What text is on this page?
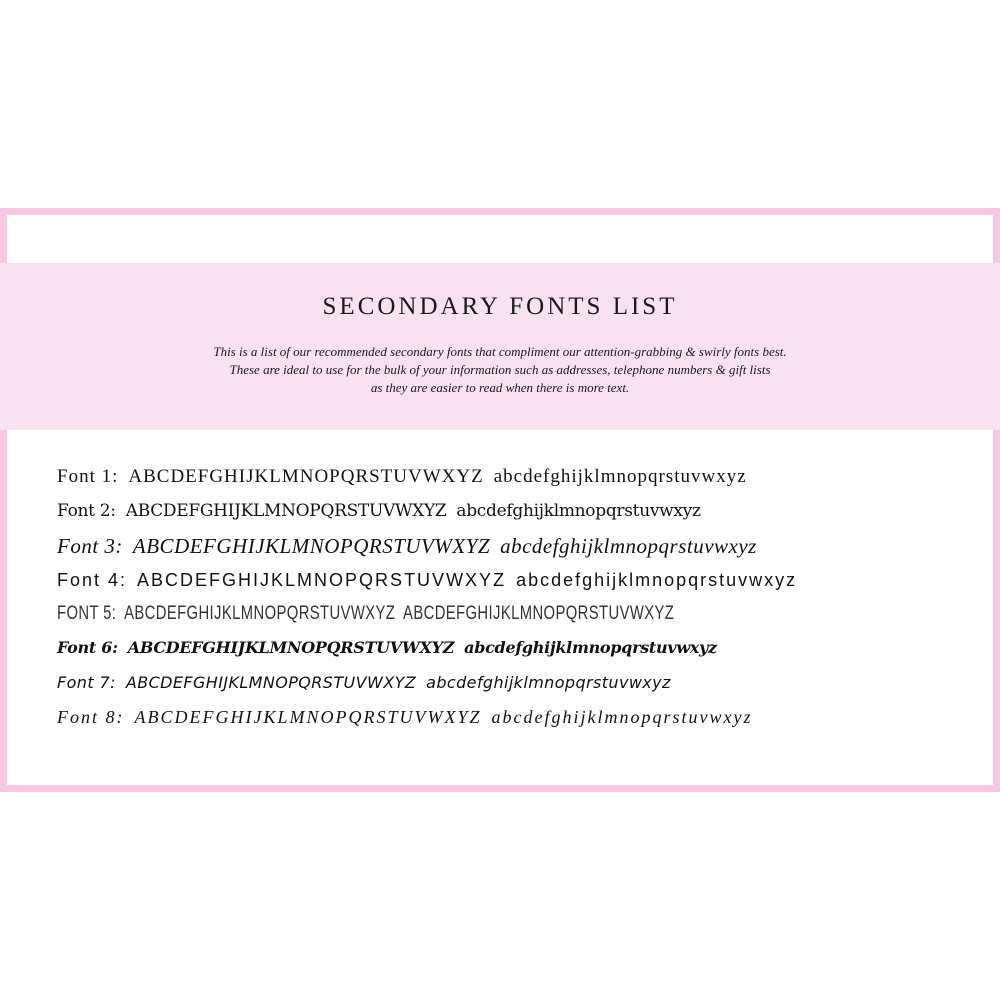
SECONDARY FONTS LIST
This is a list of our recommended secondary fonts that compliment our attention-grabbing & swirly fonts best.
These are ideal to use for the bulk of your information such as addresses, telephone numbers & gift lists
as they are easier to read when there is more text.
Font 1: ABCDEFGHIJKLMNOPQRSTUVWXYZ abcdefghijklmnopqrstuvwxyz
Font 2: ABCDEFGHIJKLMNOPQRSTUVWXYZ abcdefghijklmnopqrstuvwxyz
Font 3: ABCDEFGHIJKLMNOPQRSTUVWXYZ abcdefghijklmnopqrstuvwxyz
Font 4: ABCDEFGHIJKLMNOPQRSTUVWXYZ abcdefghijklmnopqrstuvwxyz
FONT 5: ABCDEFGHIJKLMNOPQRSTUVWXYZ ABCDEFGHIJKLMNOPQRSTUVWXYZ
Font 6: ABCDEFGHIJKLMNOPQRSTUVWXYZ abcdefghijklmnopqrstuvwxyz
Font 7: ABCDEFGHIJKLMNOPQRSTUVWXYZ abcdefghijklmnopqrstuvwxyz
Font 8: ABCDEFGHIJKLMNOPQRSTUVWXYZ abcdefghijklmnopqrstuvwxyz
